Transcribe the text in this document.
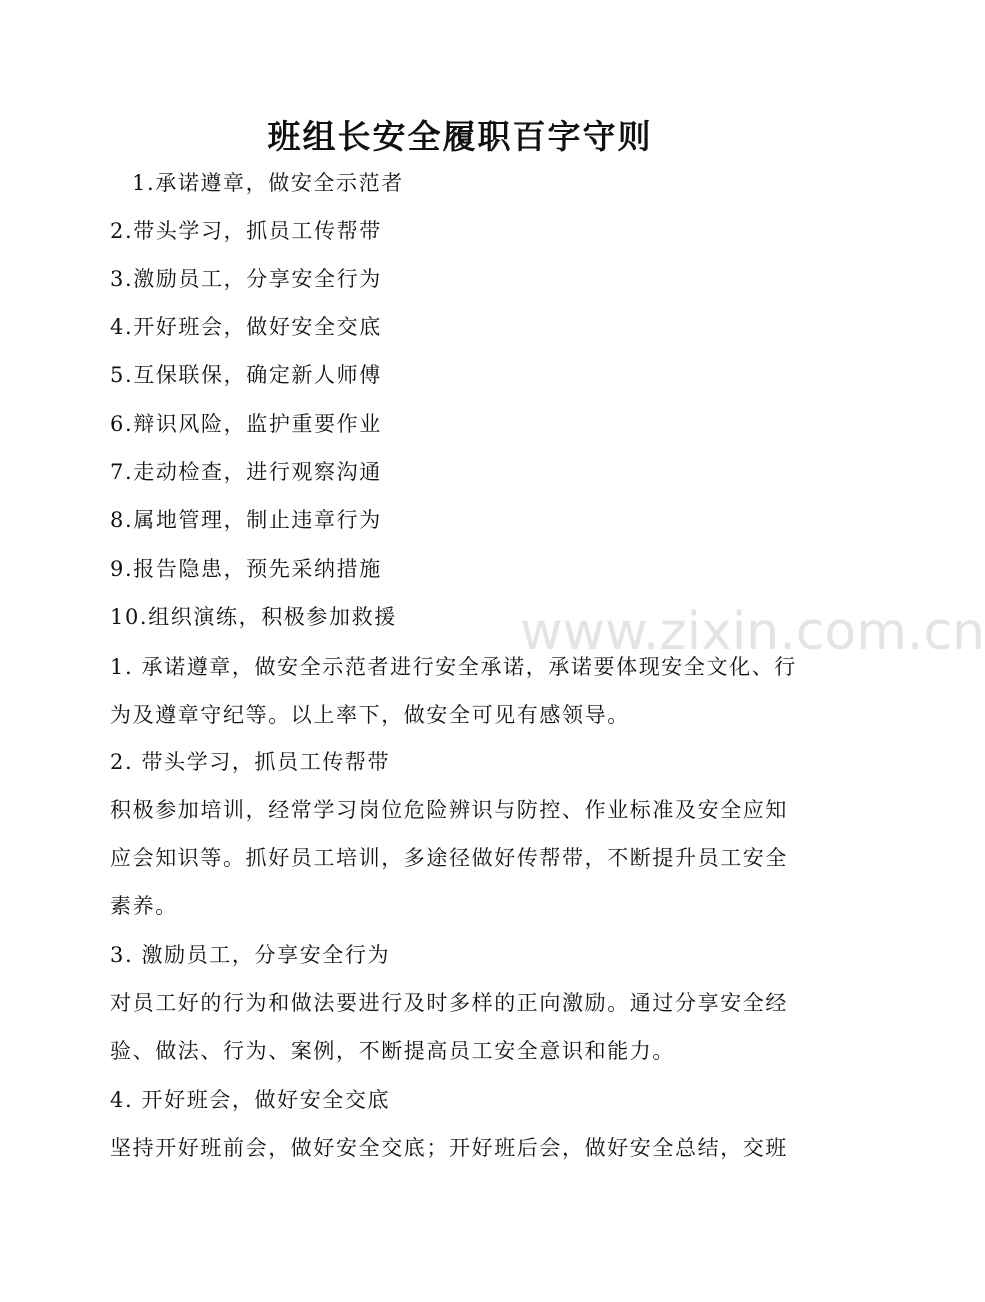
班组长安全履职百字守则
1.承诺遵章，做安全示范者
2.带头学习，抓员工传帮带
3.激励员工，分享安全行为
4.开好班会，做好安全交底
5.互保联保，确定新人师傅
6.辩识风险，监护重要作业
7.走动检查，进行观察沟通
8.属地管理，制止违章行为
9.报告隐患，预先采纳措施
10.组织演练，积极参加救援 www.zixin.com.cn
1. 承诺遵章，做安全示范者进行安全承诺，承诺要体现安全文化、行
为及遵章守纪等。以上率下，做安全可见有感领导。
2. 带头学习，抓员工传帮带
积极参加培训，经常学习岗位危险辨识与防控、作业标准及安全应知
应会知识等。抓好员工培训，多途径做好传帮带，不断提升员工安全
素养。
3. 激励员工，分享安全行为
对员工好的行为和做法要进行及时多样的正向激励。通过分享安全经
验、做法、行为、案例，不断提高员工安全意识和能力。
4. 开好班会，做好安全交底
坚持开好班前会，做好安全交底；开好班后会，做好安全总结，交班
